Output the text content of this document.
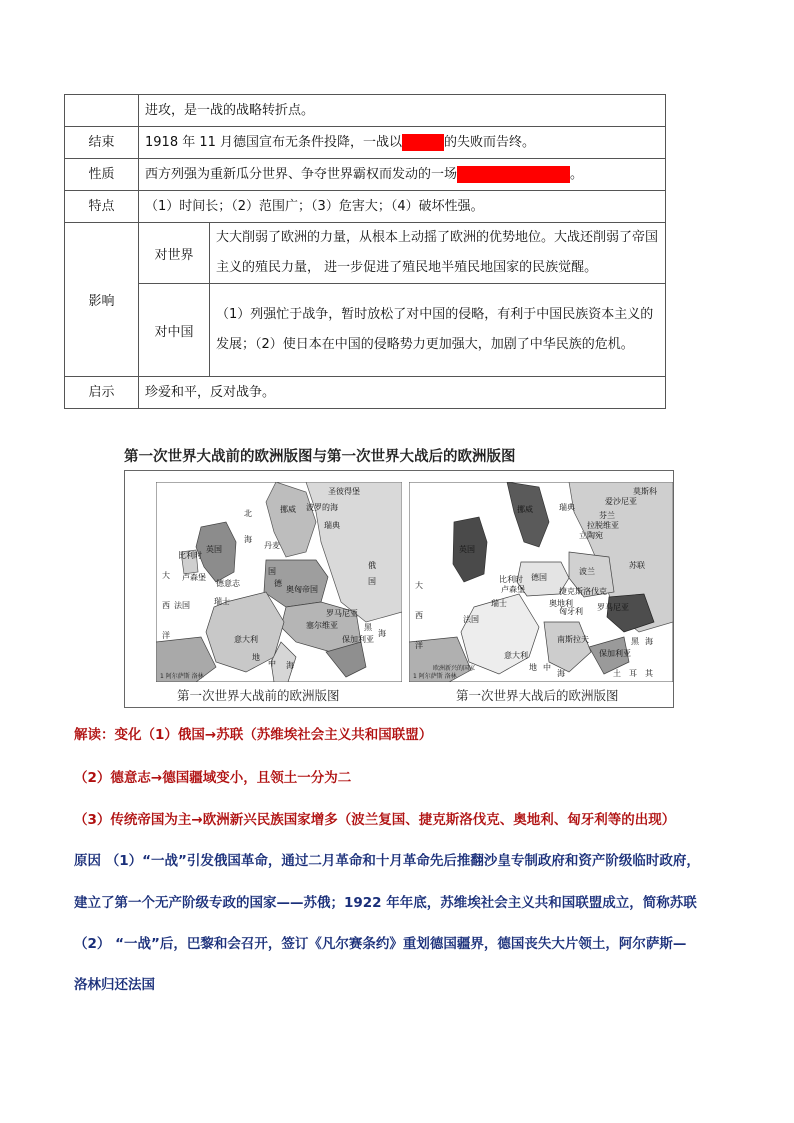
	进攻，是一战的战略转折点。	
结束	1918 年 11 月德国宣布无条件投降，一战以 的失败而告终。	
性质	西方列强为重新瓜分世界、争夺世界霸权而发动的一场 。	
特点	（1）时间长；（2）范围广；（3）危害大；（4）破坏性强。	
影响	对世界	大大削弱了欧洲的力量，从根本上动摇了欧洲的优势地位。大战还削弱了帝国主义的殖民力量， 进一步促进了殖民地半殖民地国家的民族觉醒。
	对中国	（1）列强忙于战争，暂时放松了对中国的侵略，有利于中国民族资本主义的发展；（2）使日本在中国的侵略势力更加强大，加剧了中华民族的危机。
启示	珍爱和平，反对战争。	
第一次世界大战前的欧洲版图与第一次世界大战后的欧洲版图
圣彼得堡
挪威
瑞典
北
海
英国	丹麦
德
国
德意志
比利时
卢森堡
法国	瑞士
奥匈帝国
意大利
塞尔维亚
罗马尼亚
保加利亚
黑
海
大
西
洋
地
中 海
俄
国
波罗的海
1 阿尔萨斯 洛林
第一次世界大战前的欧洲版图
挪威	瑞典
芬兰
英国
德国
波兰
立陶宛
拉脱维亚
爱沙尼亚
苏联
比利时
卢森堡
法国
瑞士	奥地利
捷克斯洛伐克
匈牙利 罗马尼亚
南斯拉夫
保加利亚
意大利
大
西
洋	黑 海
地 中
海
莫斯科
土 耳 其
欧洲新兴的国家
1 阿尔萨斯 洛林
第一次世界大战后的欧洲版图
解读：变化（1）俄国→苏联（苏维埃社会主义共和国联盟）
（2）德意志→德国疆域变小，且领土一分为二
（3）传统帝国为主→欧洲新兴民族国家增多（波兰复国、捷克斯洛伐克、奥地利、匈牙利等的出现）
原因 （1）“一战”引发俄国革命，通过二月革命和十月革命先后推翻沙皇专制政府和资产阶级临时政府，
建立了第一个无产阶级专政的国家——苏俄；1922 年年底，苏维埃社会主义共和国联盟成立，简称苏联
（2） “一战”后，巴黎和会召开，签订《凡尔赛条约》重划德国疆界，德国丧失大片领土，阿尔萨斯—
洛林归还法国
